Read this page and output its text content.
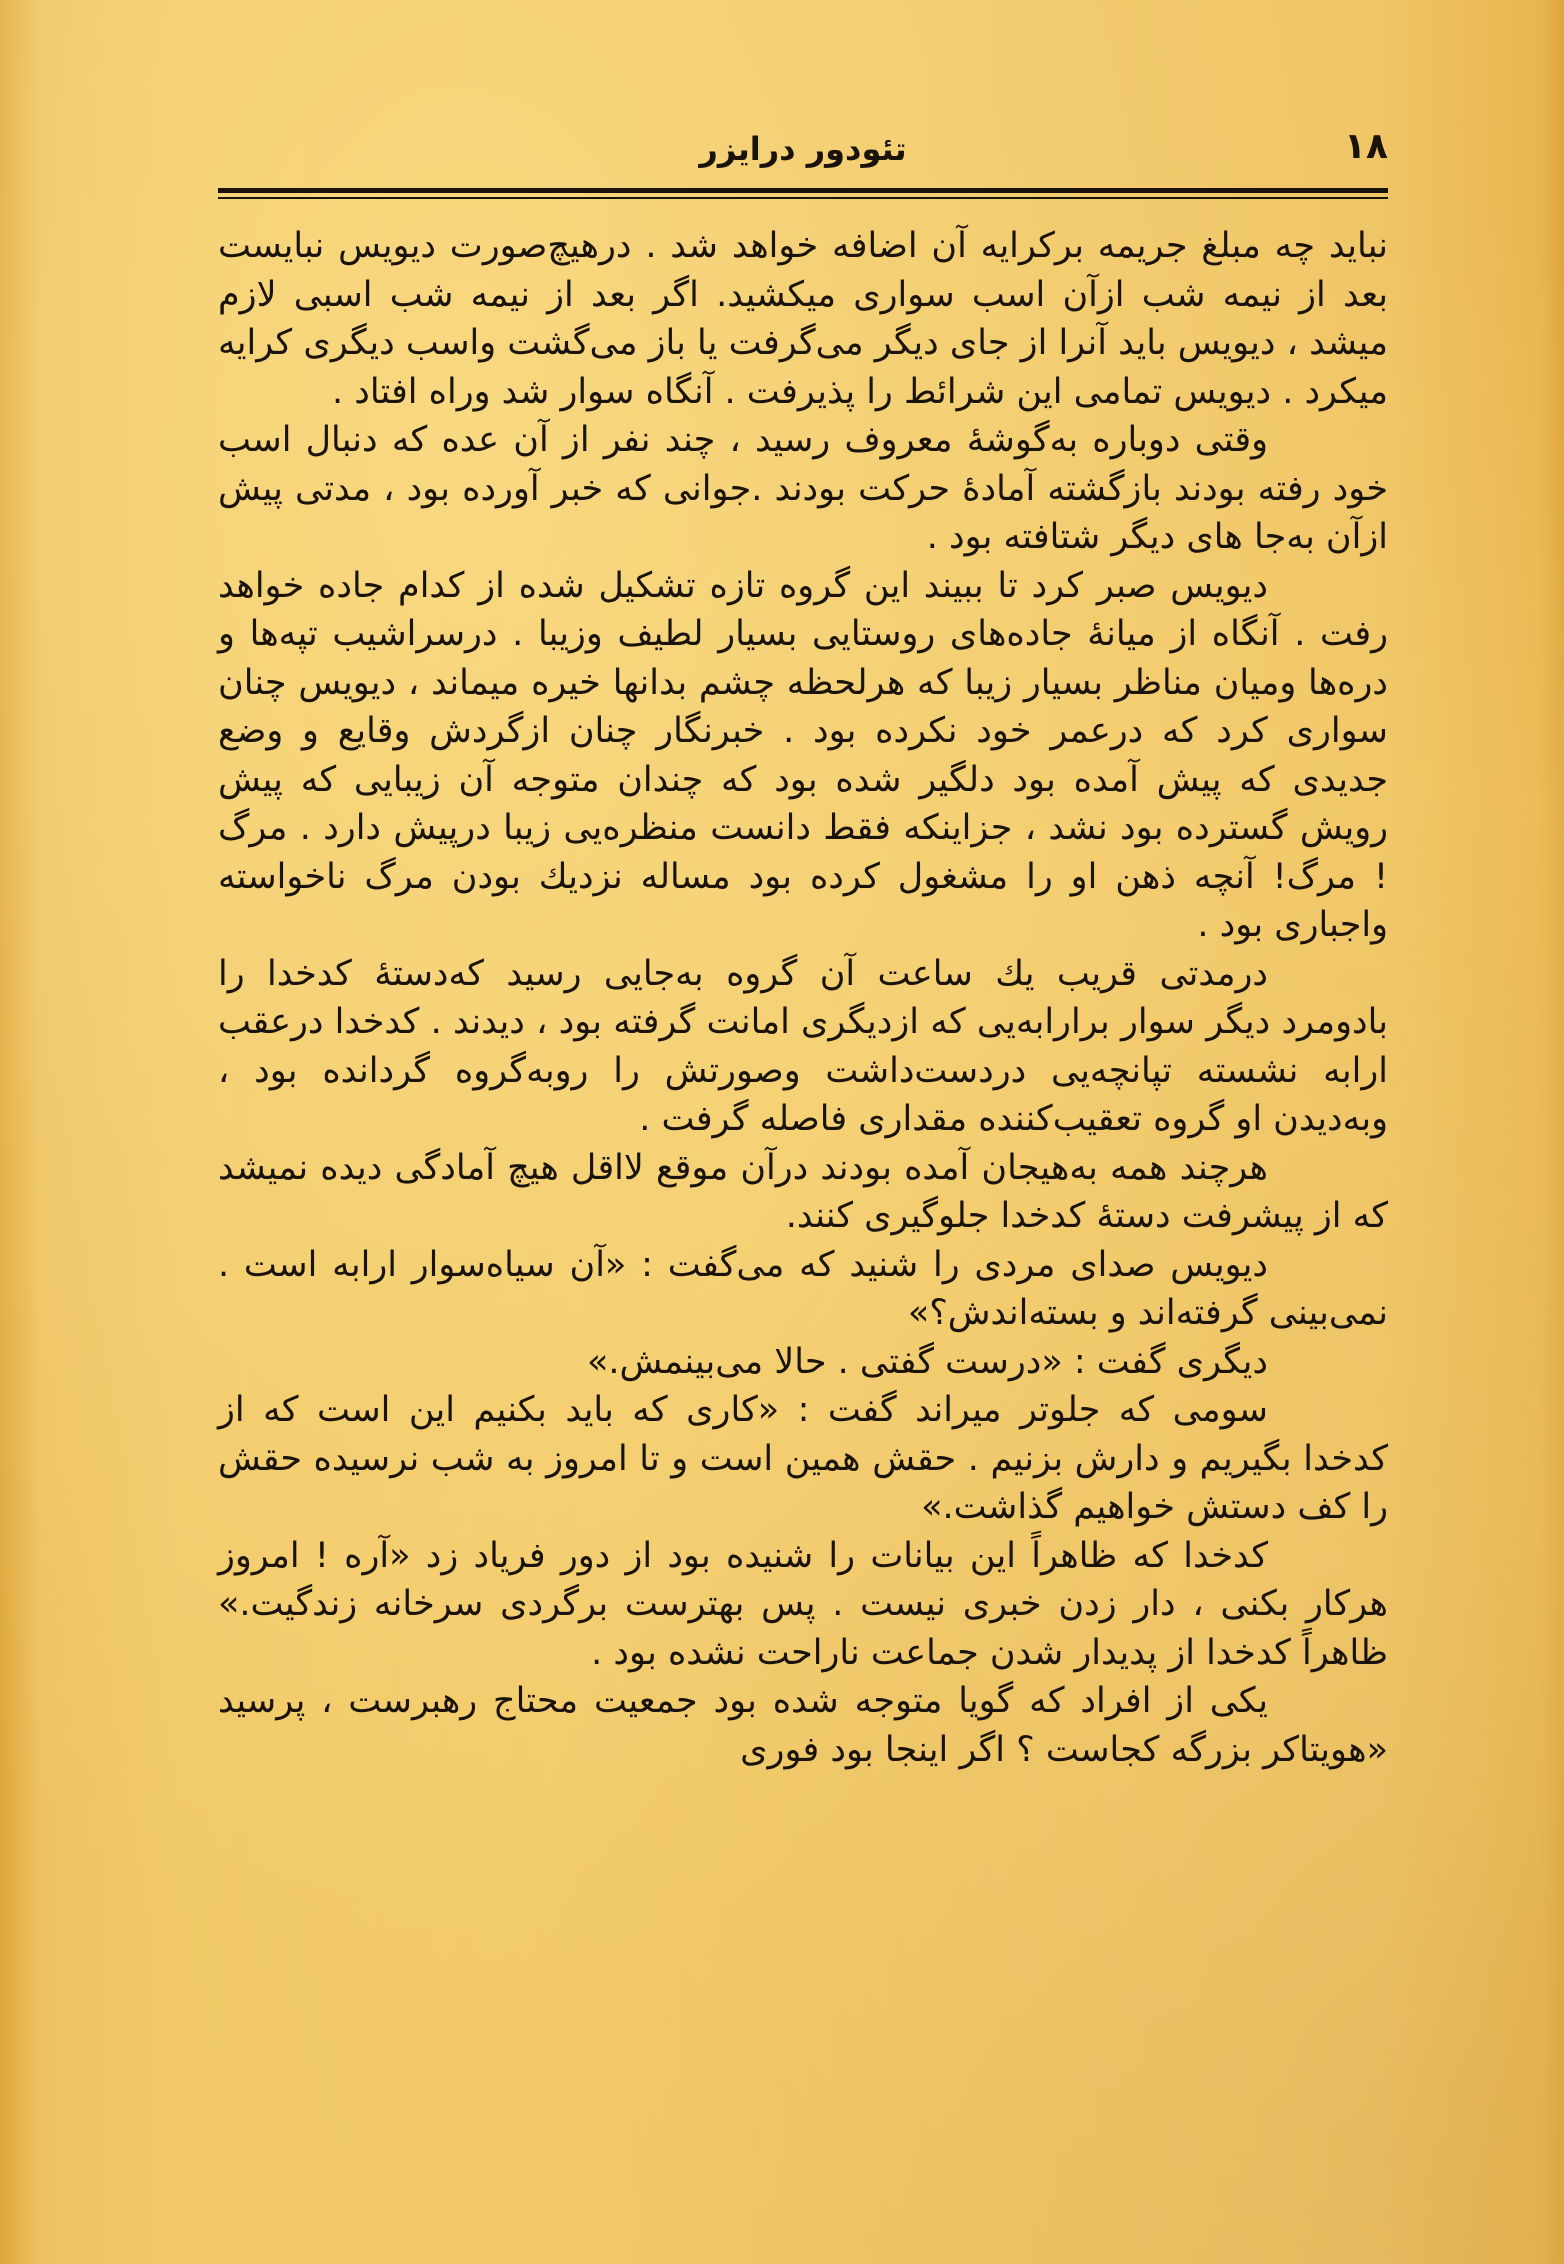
۱۸
تئودور درایزر

نباید چه مبلغ جریمه برکرایه آن اضافه خواهد شد . درهیچ‌صورت دیویس نبایست بعد از نیمه شب ازآن اسب سواری میکشید. اگر بعد از نیمه شب اسبی لازم میشد ، دیویس باید آنرا از جای دیگر می‌گرفت یا باز می‌گشت واسب دیگری کرایه میکرد . دیویس تمامی این شرائط را پذیرفت . آنگاه سوار شد وراه افتاد .

وقتی دوباره به‌گوشهٔ معروف رسید ، چند نفر از آن عده که دنبال اسب خود رفته بودند بازگشته آمادهٔ حرکت بودند .جوانی که خبر آورده بود ، مدتی پیش ازآن به‌جا های دیگر شتافته بود .

دیویس صبر کرد تا ببیند این گروه تازه تشکیل شده از کدام جاده خواهد رفت . آنگاه از میانهٔ جاده‌های روستایی بسیار لطیف وزیبا . درسراشیب تپه‌ها و دره‌ها ومیان مناظر بسیار زیبا که هرلحظه چشم بدانها خیره میماند ، دیویس چنان سواری کرد که درعمر خود نکرده بود . خبرنگار چنان ازگردش وقایع و وضع جدیدی که پیش آمده بود دلگیر شده بود که چندان متوجه آن زیبایی که پیش رویش گسترده بود نشد ، جزاینکه فقط دانست منظره‌یی زیبا درپیش دارد . مرگ ! مرگ! آنچه ذهن او را مشغول کرده بود مساله نزدیك بودن مرگ ناخواسته واجباری بود .

درمدتی قریب یك ساعت آن گروه به‌جایی رسید که‌دستهٔ کدخدا را بادومرد دیگر سوار برارابه‌یی که ازدیگری امانت گرفته بود ، دیدند . کدخدا درعقب ارابه نشسته تپانچه‌یی دردست‌داشت وصورتش را روبه‌گروه گردانده بود ، وبه‌دیدن او گروه تعقیب‌کننده مقداری فاصله گرفت .

هرچند همه به‌هیجان آمده بودند درآن موقع لااقل هیچ آمادگی دیده نمیشد که از پیشرفت دستهٔ کدخدا جلوگیری کنند.

دیویس صدای مردی را شنید که می‌گفت : «آن سیاه‌سوار ارابه است . نمی‌بینی گرفته‌اند و بسته‌اندش؟»

دیگری گفت : «درست گفتی . حالا می‌بینمش.»

سومی که جلوتر میراند گفت : «کاری که باید بکنیم این است که از کدخدا بگیریم و دارش بزنیم . حقش همین است و تا امروز به شب نرسیده حقش را کف دستش خواهیم گذاشت.»

کدخدا که ظاهراً این بیانات را شنیده بود از دور فریاد زد «آره ! امروز هرکار بکنی ، دار زدن خبری نیست . پس بهترست برگردی سرخانه زندگیت.» ظاهراً کدخدا از پدیدار شدن جماعت ناراحت نشده بود .

یکی از افراد که گویا متوجه شده بود جمعیت محتاج رهبرست ، پرسید «هویتاکر بزرگه کجاست ؟ اگر اینجا بود فوری
